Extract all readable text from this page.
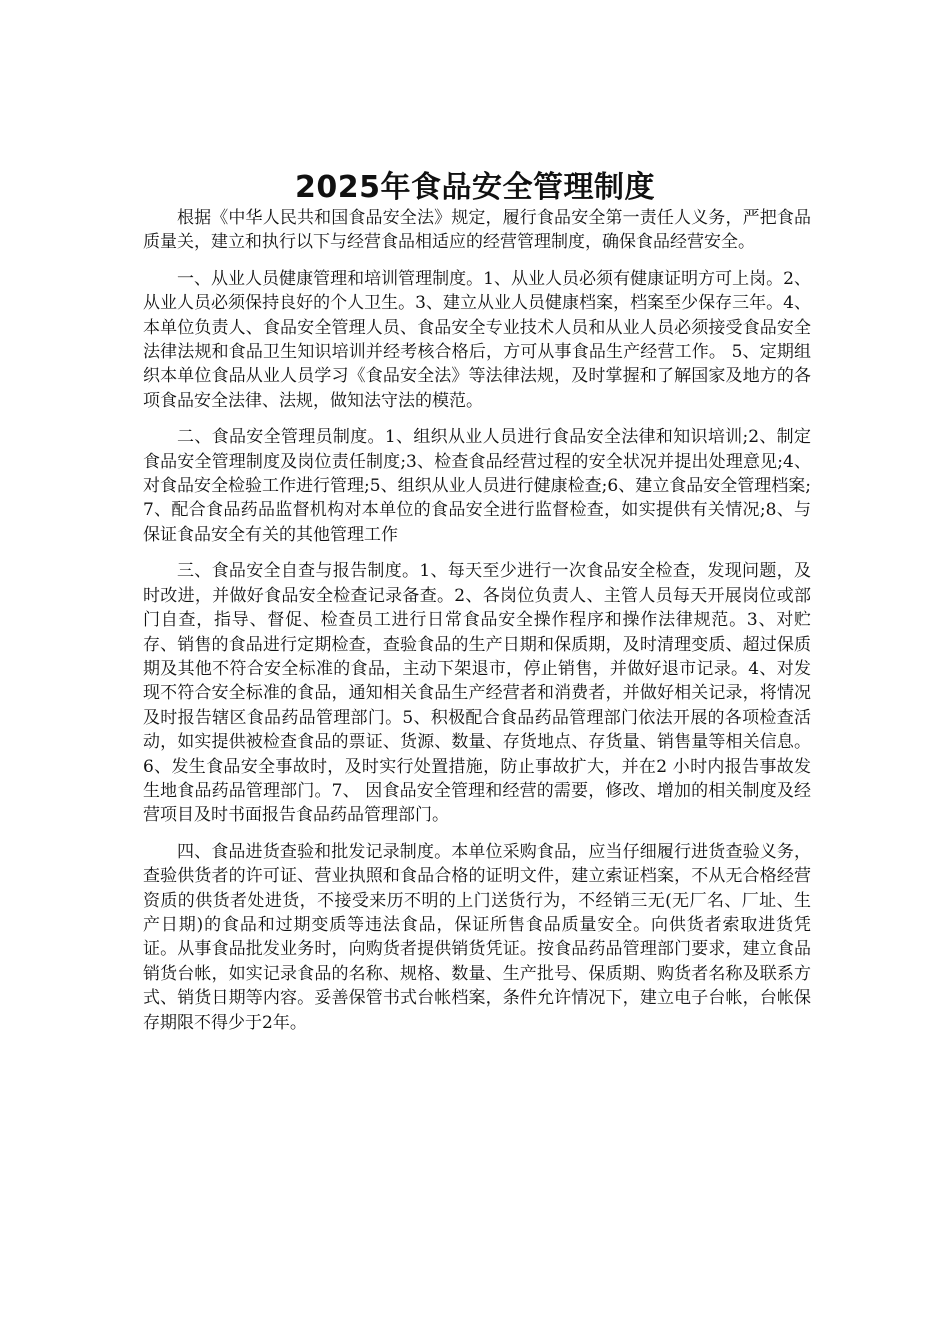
2025年食品安全管理制度

根据《中华人民共和国食品安全法》规定，履行食品安全第一责任人义务，严把食品质量关，建立和执行以下与经营食品相适应的经营管理制度，确保食品经营安全。

一、从业人员健康管理和培训管理制度。1、从业人员必须有健康证明方可上岗。2、从业人员必须保持良好的个人卫生。3、建立从业人员健康档案，档案至少保存三年。4、本单位负责人、食品安全管理人员、食品安全专业技术人员和从业人员必须接受食品安全法律法规和食品卫生知识培训并经考核合格后，方可从事食品生产经营工作。 5、定期组织本单位食品从业人员学习《食品安全法》等法律法规，及时掌握和了解国家及地方的各项食品安全法律、法规，做知法守法的模范。

二、食品安全管理员制度。1、组织从业人员进行食品安全法律和知识培训;2、制定食品安全管理制度及岗位责任制度;3、检查食品经营过程的安全状况并提出处理意见;4、对食品安全检验工作进行管理;5、组织从业人员进行健康检查;6、建立食品安全管理档案;7、配合食品药品监督机构对本单位的食品安全进行监督检查，如实提供有关情况;8、与保证食品安全有关的其他管理工作

三、食品安全自查与报告制度。1、每天至少进行一次食品安全检查，发现问题，及时改进，并做好食品安全检查记录备查。2、各岗位负责人、主管人员每天开展岗位或部门自查，指导、督促、检查员工进行日常食品安全操作程序和操作法律规范。3、对贮存、销售的食品进行定期检查，查验食品的生产日期和保质期，及时清理变质、超过保质期及其他不符合安全标准的食品，主动下架退市，停止销售，并做好退市记录。4、对发现不符合安全标准的食品，通知相关食品生产经营者和消费者，并做好相关记录，将情况及时报告辖区食品药品管理部门。5、积极配合食品药品管理部门依法开展的各项检查活动，如实提供被检查食品的票证、货源、数量、存货地点、存货量、销售量等相关信息。6、发生食品安全事故时，及时实行处置措施，防止事故扩大，并在2 小时内报告事故发生地食品药品管理部门。7、 因食品安全管理和经营的需要，修改、增加的相关制度及经营项目及时书面报告食品药品管理部门。

四、食品进货查验和批发记录制度。本单位采购食品，应当仔细履行进货查验义务，查验供货者的许可证、营业执照和食品合格的证明文件，建立索证档案，不从无合格经营资质的供货者处进货，不接受来历不明的上门送货行为，不经销三无(无厂名、厂址、生产日期)的食品和过期变质等违法食品，保证所售食品质量安全。向供货者索取进货凭证。从事食品批发业务时，向购货者提供销货凭证。按食品药品管理部门要求，建立食品销货台帐，如实记录食品的名称、规格、数量、生产批号、保质期、购货者名称及联系方式、销货日期等内容。妥善保管书式台帐档案，条件允许情况下，建立电子台帐，台帐保存期限不得少于2年。
